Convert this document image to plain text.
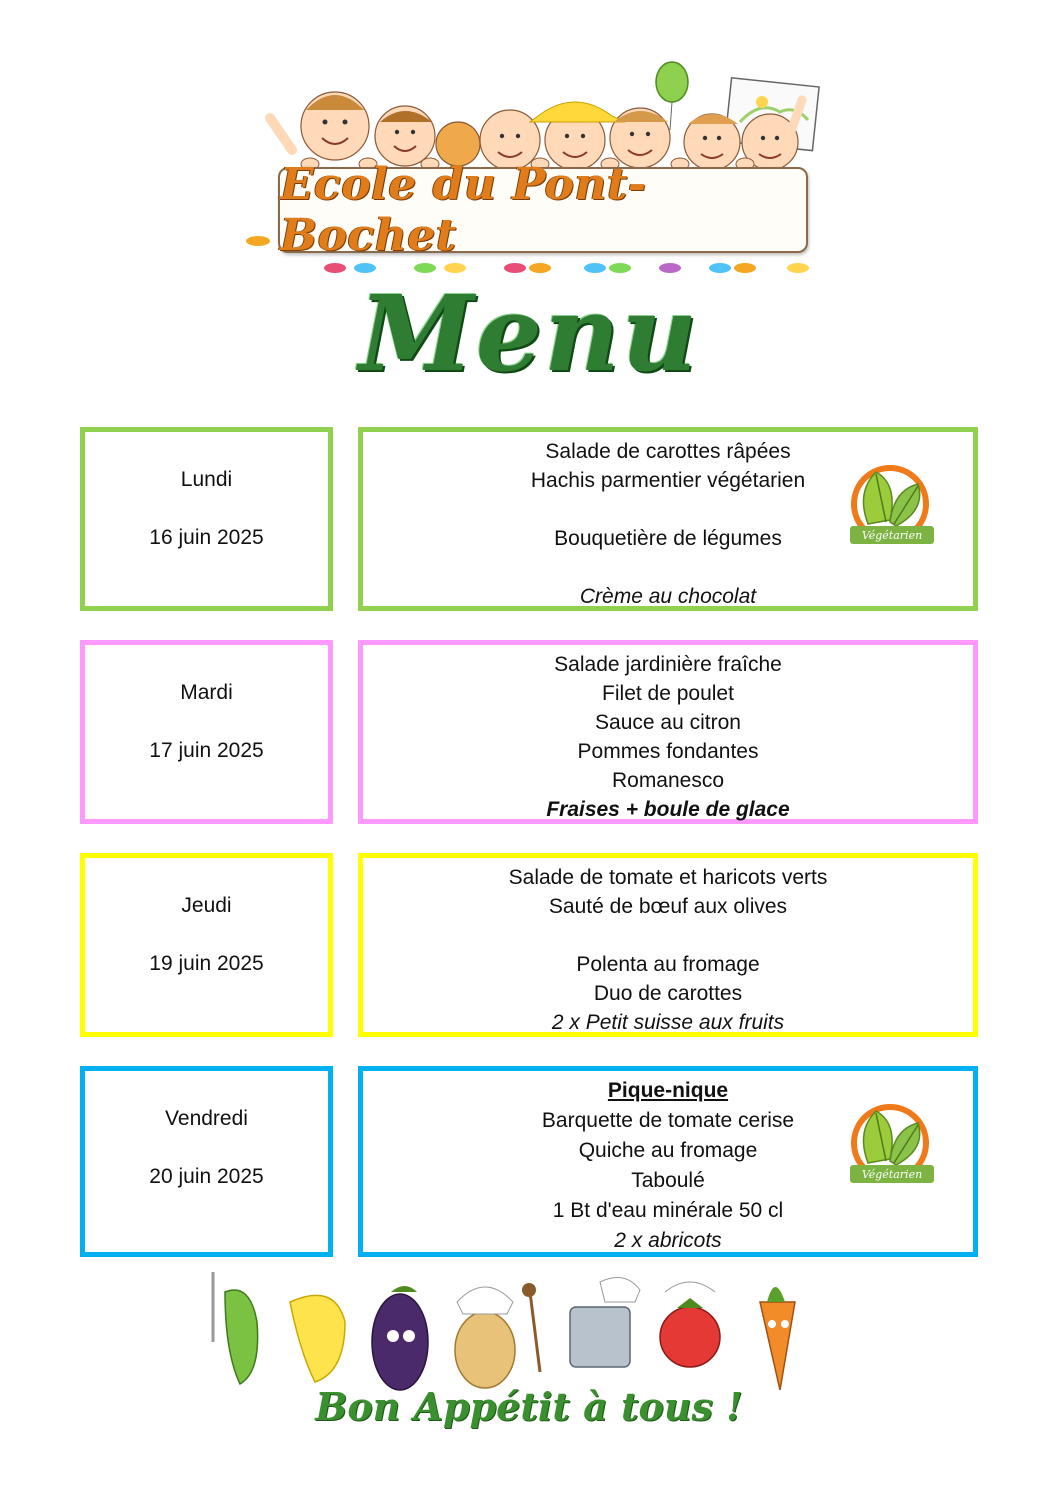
Ecole du Pont-Bochet
Menu
Lundi
16 juin 2025
Salade de carottes râpées
Hachis parmentier végétarien
Bouquetière de légumes
Crème au chocolat
Végétarien
Mardi
17 juin 2025
Salade jardinière fraîche
Filet de poulet
Sauce au citron
Pommes fondantes
Romanesco
Fraises + boule de glace
Jeudi
19 juin 2025
Salade de tomate et haricots verts
Sauté de bœuf aux olives
Polenta au fromage
Duo de carottes
2 x Petit suisse aux fruits
Vendredi
20 juin 2025
Pique-nique
Barquette de tomate cerise
Quiche au fromage
Taboulé
1 Bt d'eau minérale 50 cl
2 x abricots
Végétarien
Bon Appétit à tous !
